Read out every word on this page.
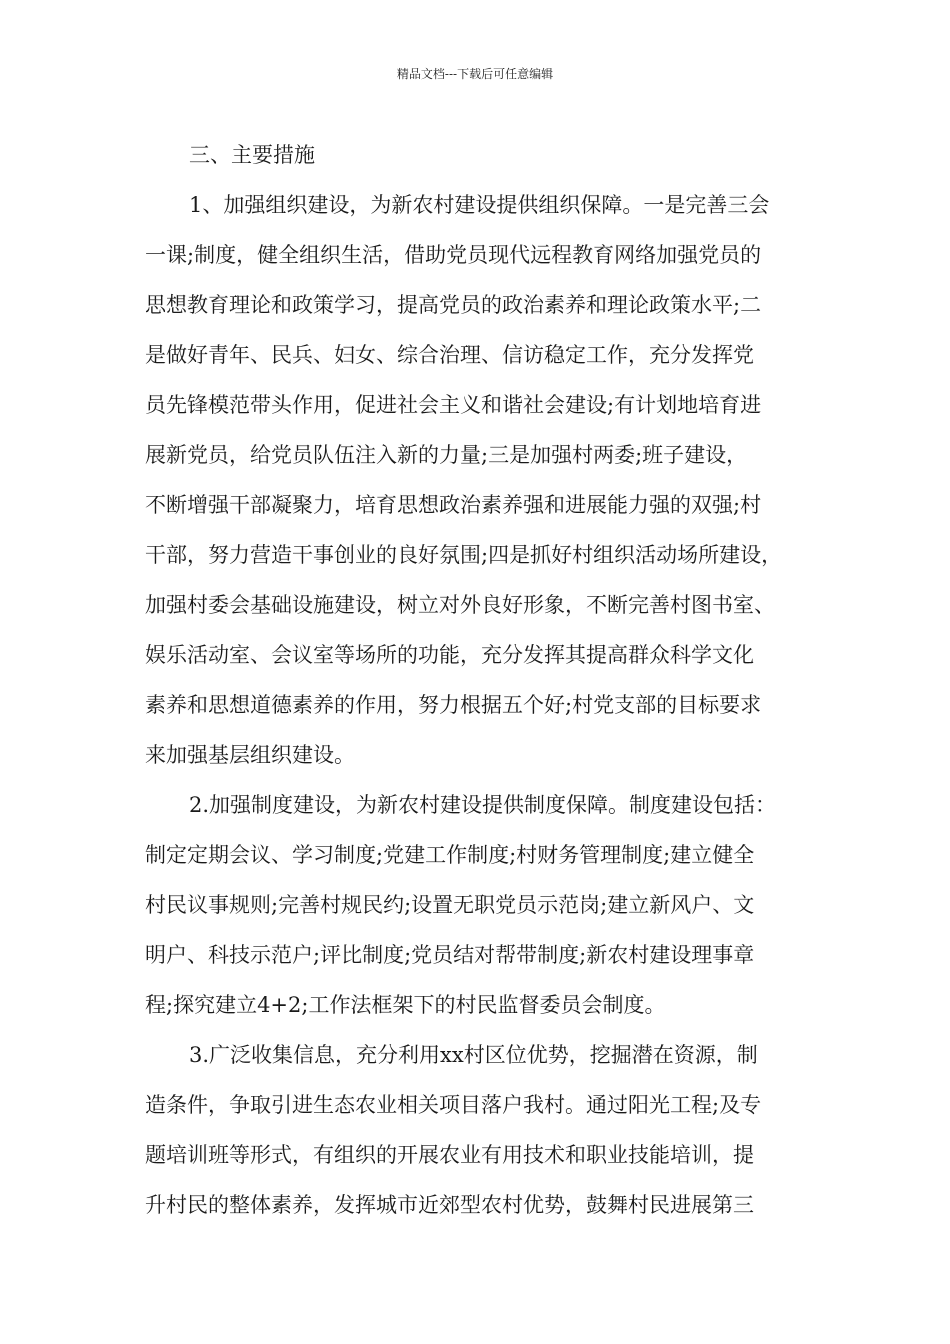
精品文档---下载后可任意编辑
三、主要措施
1、加强组织建设，为新农村建设提供组织保障。一是完善三会
一课;制度，健全组织生活，借助党员现代远程教育网络加强党员的
思想教育理论和政策学习，提高党员的政治素养和理论政策水平;二
是做好青年、民兵、妇女、综合治理、信访稳定工作，充分发挥党
员先锋模范带头作用，促进社会主义和谐社会建设;有计划地培育进
展新党员，给党员队伍注入新的力量;三是加强村两委;班子建设，
不断增强干部凝聚力，培育思想政治素养强和进展能力强的双强;村
干部，努力营造干事创业的良好氛围;四是抓好村组织活动场所建设，
加强村委会基础设施建设，树立对外良好形象，不断完善村图书室、
娱乐活动室、会议室等场所的功能，充分发挥其提高群众科学文化
素养和思想道德素养的作用，努力根据五个好;村党支部的目标要求
来加强基层组织建设。
2.加强制度建设，为新农村建设提供制度保障。制度建设包括：
制定定期会议、学习制度;党建工作制度;村财务管理制度;建立健全
村民议事规则;完善村规民约;设置无职党员示范岗;建立新风户、文
明户、科技示范户;评比制度;党员结对帮带制度;新农村建设理事章
程;探究建立4+2;工作法框架下的村民监督委员会制度。
3.广泛收集信息，充分利用xx村区位优势，挖掘潜在资源，制
造条件，争取引进生态农业相关项目落户我村。通过阳光工程;及专
题培训班等形式，有组织的开展农业有用技术和职业技能培训，提
升村民的整体素养，发挥城市近郊型农村优势，鼓舞村民进展第三
